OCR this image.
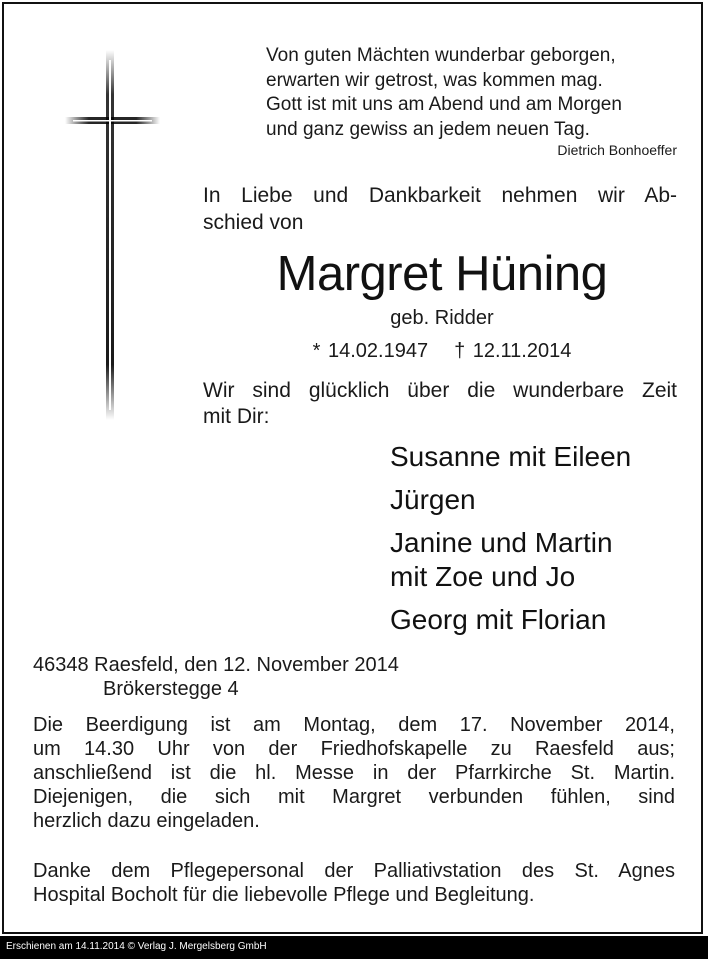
Von guten Mächten wunderbar geborgen,
erwarten wir getrost, was kommen mag.
Gott ist mit uns am Abend und am Morgen
und ganz gewiss an jedem neuen Tag.
Dietrich Bonhoeffer
In Liebe und Dankbarkeit nehmen wir Ab-
schied von
Margret Hüning
geb. Ridder
* 14.02.1947 † 12.11.2014
Wir sind glücklich über die wunderbare Zeit
mit Dir:
Susanne mit Eileen
Jürgen
Janine und Martin
mit Zoe und Jo
Georg mit Florian
46348 Raesfeld, den 12. November 2014
Brökerstegge 4
Die Beerdigung ist am Montag, dem 17. November 2014,
um 14.30 Uhr von der Friedhofskapelle zu Raesfeld aus;
anschließend ist die hl. Messe in der Pfarrkirche St. Martin.
Diejenigen, die sich mit Margret verbunden fühlen, sind
herzlich dazu eingeladen.
Danke dem Pflegepersonal der Palliativstation des St. Agnes
Hospital Bocholt für die liebevolle Pflege und Begleitung.
Erschienen am 14.11.2014 © Verlag J. Mergelsberg GmbH
